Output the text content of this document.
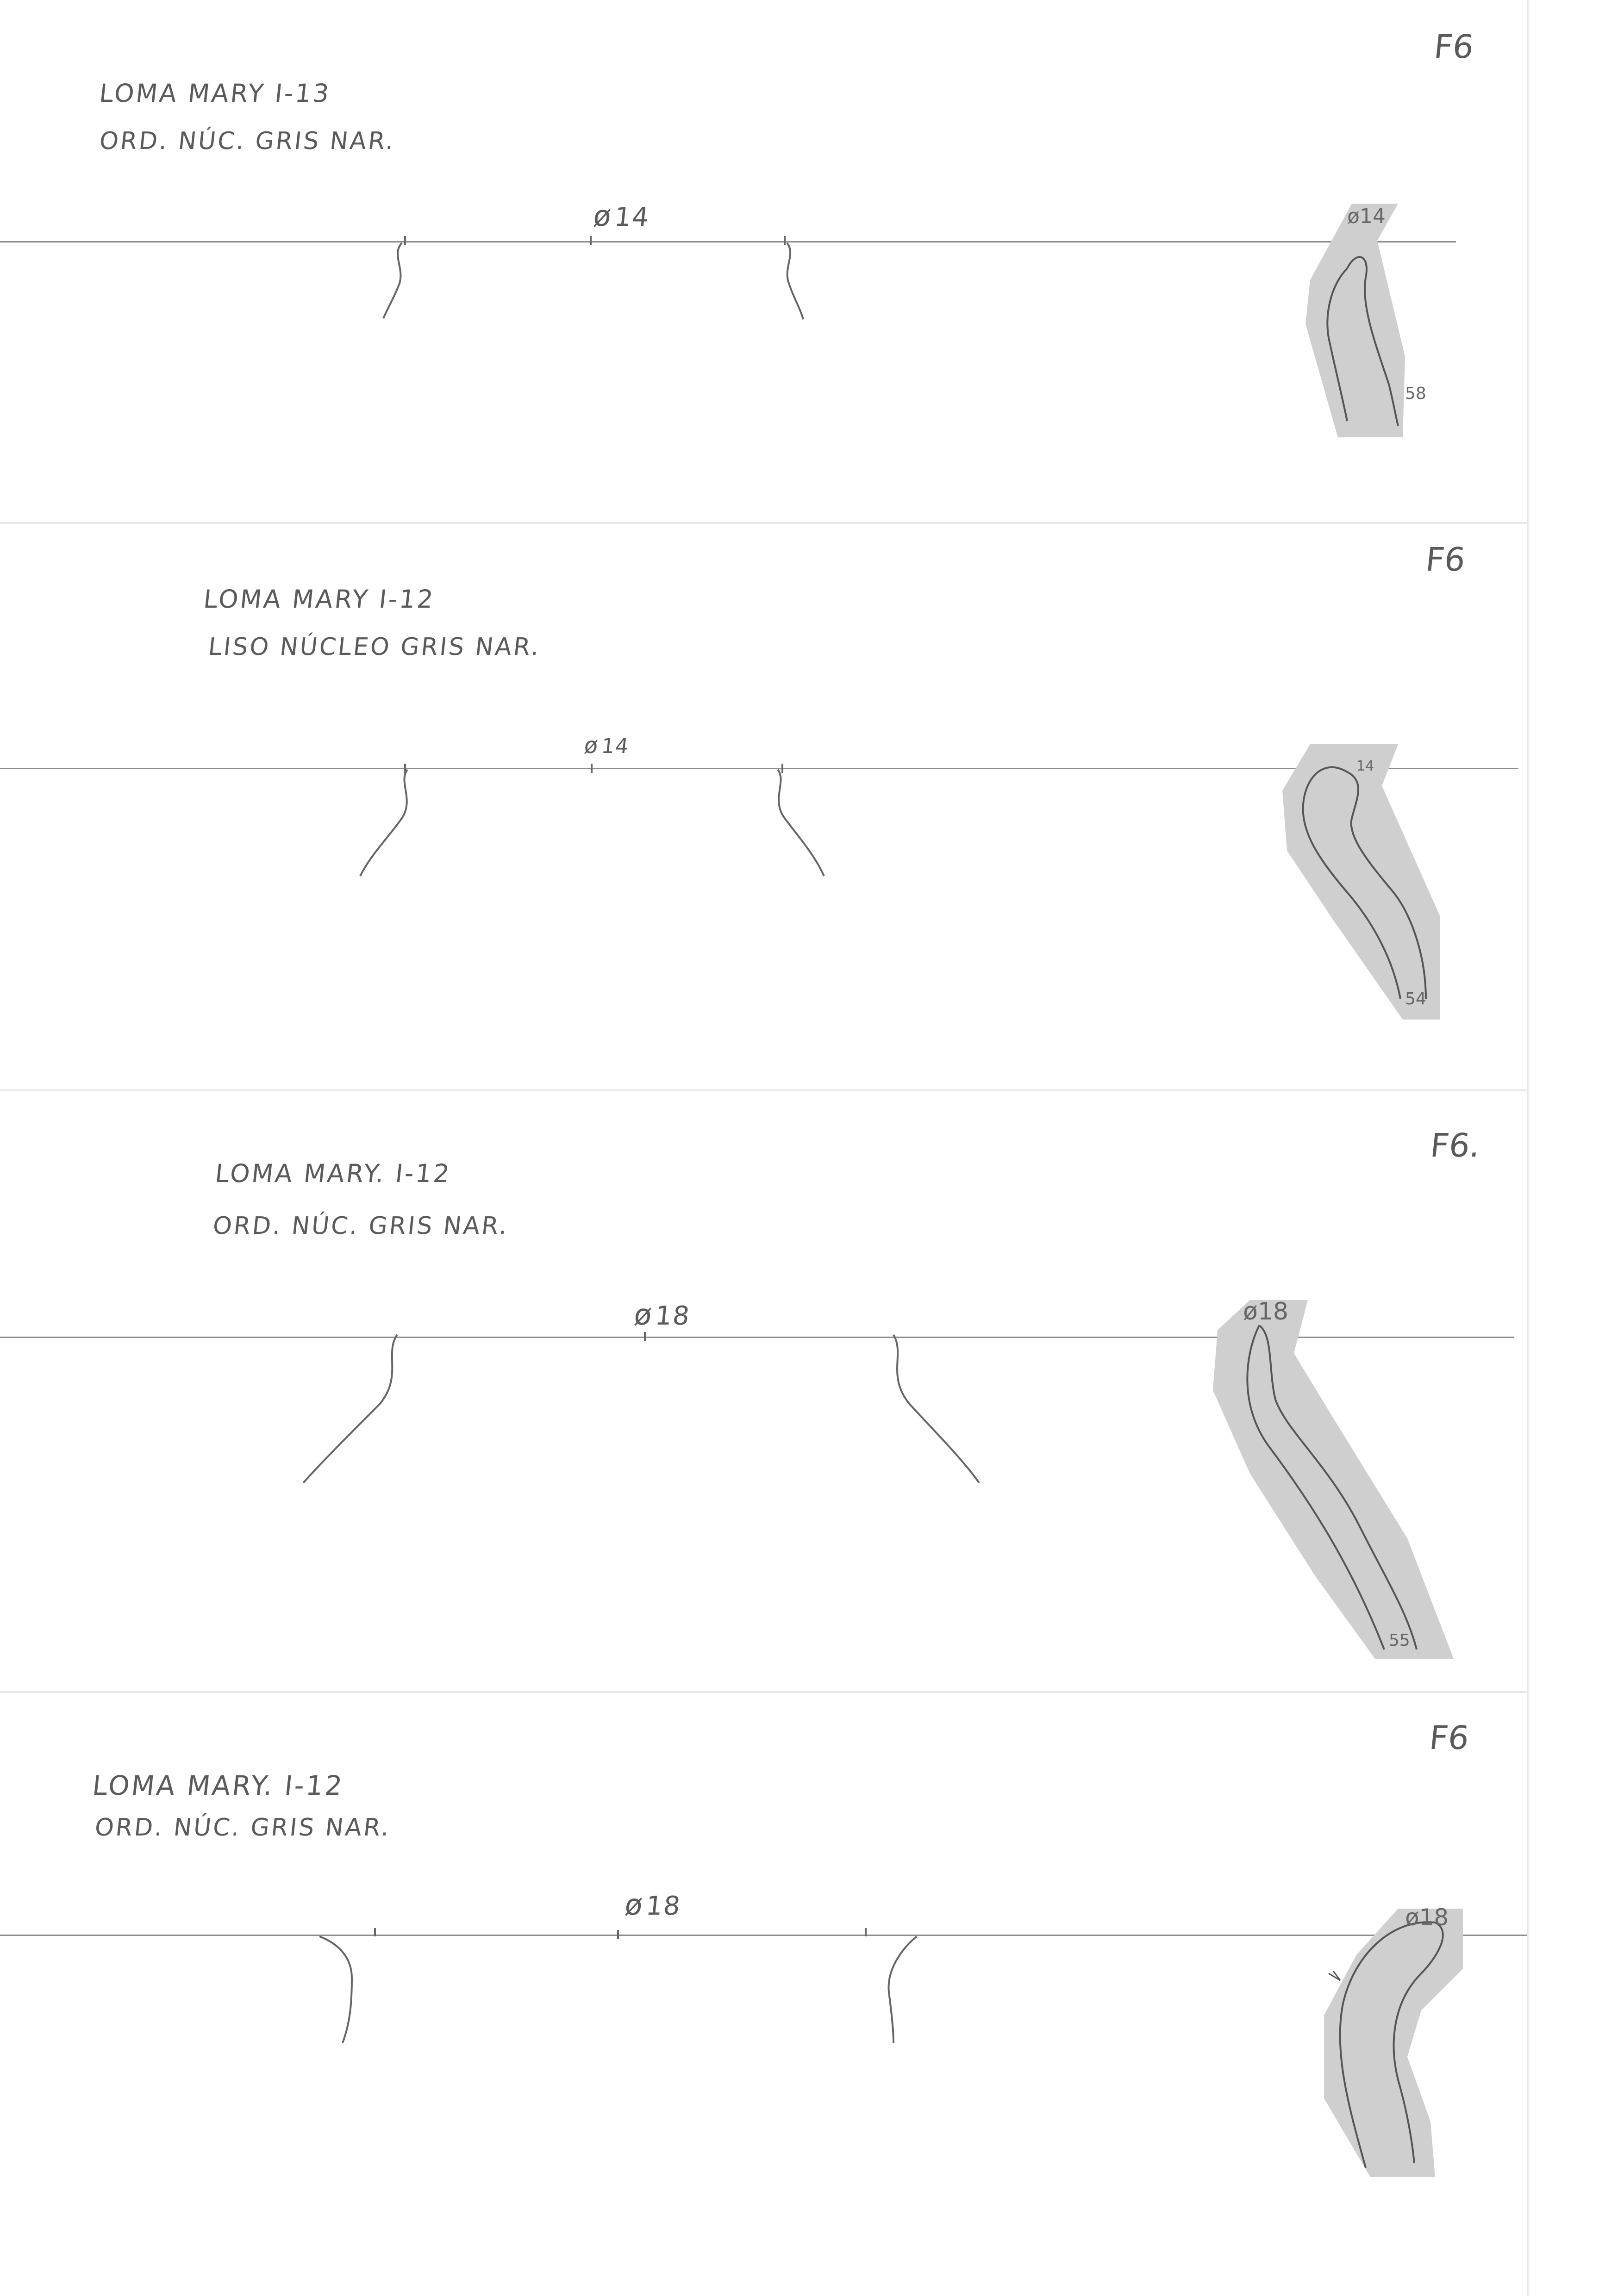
F6
LOMA MARY I-13
ORD. NÚC. GRIS NAR.
ø14	ø14
58
F6
LOMA MARY I-12
LISO NÚCLEO GRIS NAR.
ø14
14
54
F6.
LOMA MARY. I-12
ORD. NÚC. GRIS NAR.
ø18	ø18
55
F6
LOMA MARY. I-12
ORD. NÚC. GRIS NAR.
ø18	ø18
